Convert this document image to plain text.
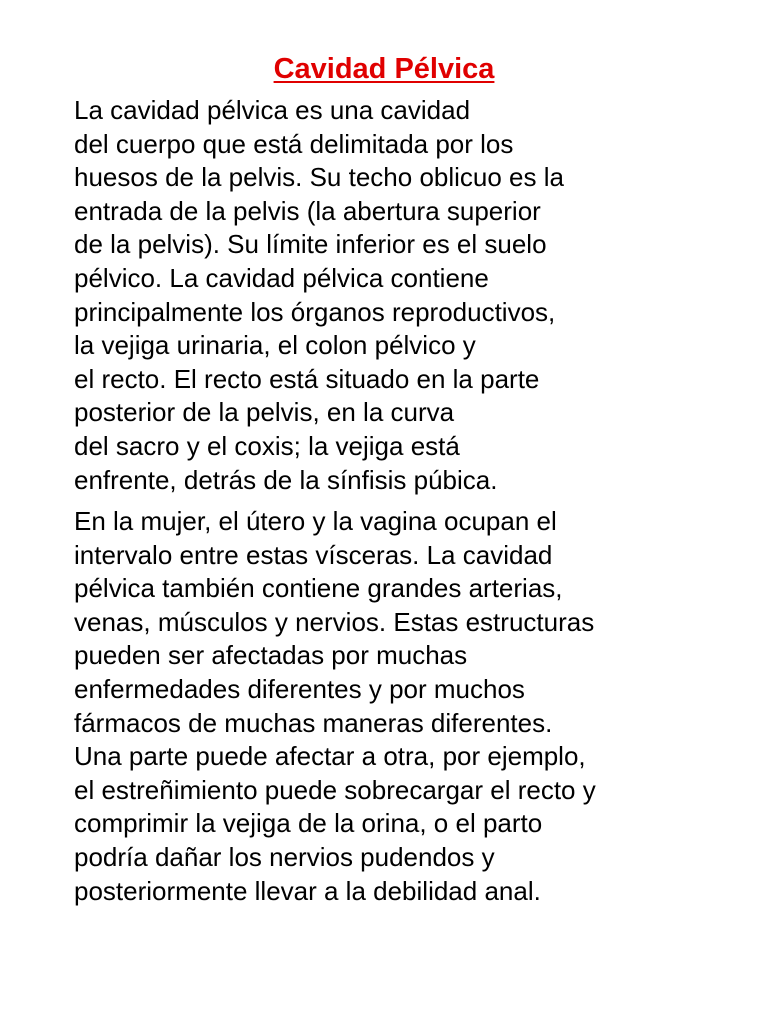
Cavidad Pélvica
La cavidad pélvica es una cavidad
del cuerpo que está delimitada por los
huesos de la pelvis. Su techo oblicuo es la
entrada de la pelvis (la abertura superior
de la pelvis). Su límite inferior es el suelo
pélvico. La cavidad pélvica contiene
principalmente los órganos reproductivos,
la vejiga urinaria, el colon pélvico y
el recto. El recto está situado en la parte
posterior de la pelvis, en la curva
del sacro y el coxis; la vejiga está
enfrente, detrás de la sínfisis púbica.
En la mujer, el útero y la vagina ocupan el
intervalo entre estas vísceras. La cavidad
pélvica también contiene grandes arterias,
venas, músculos y nervios. Estas estructuras
pueden ser afectadas por muchas
enfermedades diferentes y por muchos
fármacos de muchas maneras diferentes.
Una parte puede afectar a otra, por ejemplo,
el estreñimiento puede sobrecargar el recto y
comprimir la vejiga de la orina, o el parto
podría dañar los nervios pudendos y
posteriormente llevar a la debilidad anal.
